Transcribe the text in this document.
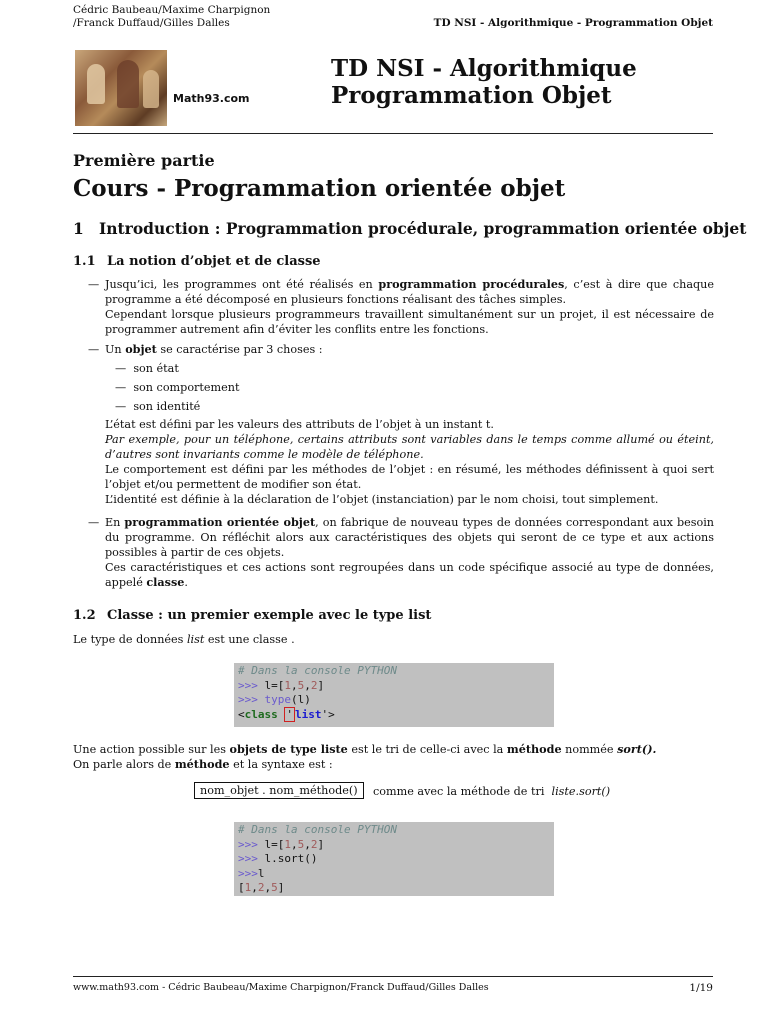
Cédric Baubeau/Maxime Charpignon
/Franck Duffaud/Gilles Dalles	TD NSI - Algorithmique - Programmation Objet
Math93.com
TD NSI - Algorithmique
Programmation Objet
Première partie
Cours - Programmation orientée objet
1 Introduction : Programmation procédurale, programmation orientée objet
1.1 La notion d’objet et de classe
— Jusqu’ici, les programmes ont été réalisés en programmation procédurales, c’est à dire que chaque programme a été décomposé en plusieurs fonctions réalisant des tâches simples.
Cependant lorsque plusieurs programmeurs travaillent simultanément sur un projet, il est nécessaire de programmer autrement afin d’éviter les conflits entre les fonctions.
— Un objet se caractérise par 3 choses :
— son état
— son comportement
— son identité
L’état est défini par les valeurs des attributs de l’objet à un instant t.
Par exemple, pour un téléphone, certains attributs sont variables dans le temps comme allumé ou éteint, d’autres sont invariants comme le modèle de téléphone.
Le comportement est défini par les méthodes de l’objet : en résumé, les méthodes définissent à quoi sert l’objet et/ou permettent de modifier son état.
L’identité est définie à la déclaration de l’objet (instanciation) par le nom choisi, tout simplement.
— En programmation orientée objet, on fabrique de nouveau types de données correspondant aux besoin du programme. On réfléchit alors aux caractéristiques des objets qui seront de ce type et aux actions possibles à partir de ces objets.
Ces caractéristiques et ces actions sont regroupées dans un code spécifique associé au type de données, appelé classe.
1.2 Classe : un premier exemple avec le type list
Le type de données list est une classe .
# Dans la console PYTHON
>>> l=[1,5,2]
>>> type(l)
<class ' list'>
Une action possible sur les objets de type liste est le tri de celle-ci avec la méthode nommée sort().
On parle alors de méthode et la syntaxe est :
nom_objet . nom_méthode()	comme avec la méthode de tri liste.sort()
# Dans la console PYTHON
>>> l=[1,5,2]
>>> l.sort()
>>>l
[1,2,5]
www.math93.com - Cédric Baubeau/Maxime Charpignon/Franck Duffaud/Gilles Dalles	1/19
